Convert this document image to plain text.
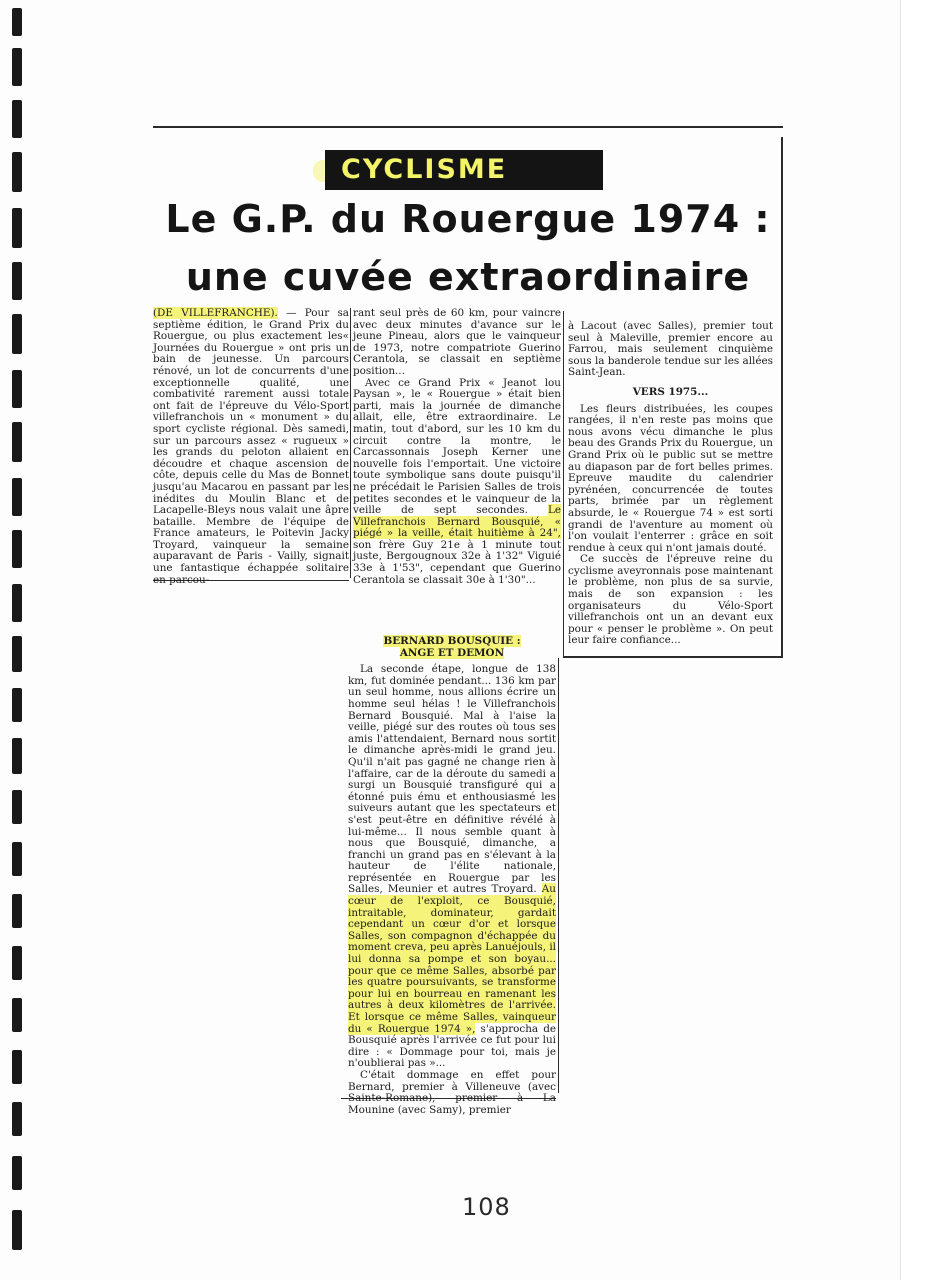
CYCLISME
Le G.P. du Rouergue 1974 :
une cuvée extraordinaire

(DE VILLEFRANCHE). — Pour sa septième édition, le Grand Prix du Rouergue, ou plus exactement les« Journées du Rouergue » ont pris un bain de jeunesse. Un parcours rénové, un lot de concurrents d'une exceptionnelle qualité, une combativité rarement aussi totale ont fait de l'épreuve du Vélo-Sport villefranchois un « monument » du sport cycliste régional. Dès samedi, sur un parcours assez « rugueux » les grands du peloton allaient en découdre et chaque ascension de côte, depuis celle du Mas de Bonnet jusqu'au Macarou en passant par les inédites du Moulin Blanc et de Lacapelle-Bleys nous valait une âpre bataille. Membre de l'équipe de France amateurs, le Poitevin Jacky Troyard, vainqueur la semaine auparavant de Paris - Vailly, signait une fantastique échappée solitaire en parcou-

rant seul près de 60 km, pour vaincre avec deux minutes d'avance sur le jeune Pineau, alors que le vainqueur de 1973, notre compatriote Guerino Cerantola, se classait en septième position...

Avec ce Grand Prix « Jeanot lou Paysan », le « Rouergue » était bien parti, mais la journée de dimanche allait, elle, être extraordinaire. Le matin, tout d'abord, sur les 10 km du circuit contre la montre, le Carcassonnais Joseph Kerner une nouvelle fois l'emportait. Une victoire toute symbolique sans doute puisqu'il ne précédait le Parisien Salles de trois petites secondes et le vainqueur de la veille de sept secondes. Le Villefranchois Bernard Bousquié, « piégé » la veille, était huitième à 24", son frère Guy 21e à 1 minute tout juste, Bergougnoux 32e à 1'32" Viguié 33e à 1'53", cependant que Guerino Cerantola se classait 30e à 1'30"...

BERNARD BOUSQUIE :
ANGE ET DEMON

La seconde étape, longue de 138 km, fut dominée pendant... 136 km par un seul homme, nous allions écrire un homme seul hélas ! le Villefranchois Bernard Bousquié. Mal à l'aise la veille, piégé sur des routes où tous ses amis l'attendaient, Bernard nous sortit le dimanche après-midi le grand jeu. Qu'il n'ait pas gagné ne change rien à l'affaire, car de la déroute du samedi a surgi un Bousquié transfiguré qui a étonné puis ému et enthousiasmé les suiveurs autant que les spectateurs et s'est peut-être en définitive révélé à lui-même... Il nous semble quant à nous que Bousquié, dimanche, a franchi un grand pas en s'élevant à la hauteur de l'élite nationale, représentée en Rouergue par les Salles, Meunier et autres Troyard. Au cœur de l'exploit, ce Bousquié, intraitable, dominateur, gardait cependant un cœur d'or et lorsque Salles, son compagnon d'échappée du moment creva, peu après Lanuéjouls, il lui donna sa pompe et son boyau... pour que ce même Salles, absorbé par les quatre poursuivants, se transforme pour lui en bourreau en ramenant les autres à deux kilomètres de l'arrivée. Et lorsque ce même Salles, vainqueur du « Rouergue 1974 », s'approcha de Bousquié après l'arrivée ce fut pour lui dire : « Dommage pour toi, mais je n'oublierai pas »...

C'était dommage en effet pour Bernard, premier à Villeneuve (avec Sainte-Romane), premier à La Mounine (avec Samy), premier

à Lacout (avec Salles), premier tout seul à Maleville, premier encore au Farrou, mais seulement cinquième sous la banderole tendue sur les allées Saint-Jean.

VERS 1975...

Les fleurs distribuées, les coupes rangées, il n'en reste pas moins que nous avons vécu dimanche le plus beau des Grands Prix du Rouergue, un Grand Prix où le public sut se mettre au diapason par de fort belles primes. Epreuve maudite du calendrier pyrénéen, concurrencée de toutes parts, brimée par un règlement absurde, le « Rouergue 74 » est sorti grandi de l'aventure au moment où l'on voulait l'enterrer : grâce en soit rendue à ceux qui n'ont jamais douté.

Ce succès de l'épreuve reine du cyclisme aveyronnais pose maintenant le problème, non plus de sa survie, mais de son expansion : les organisateurs du Vélo-Sport villefranchois ont un an devant eux pour « penser le problème ». On peut leur faire confiance...

108
